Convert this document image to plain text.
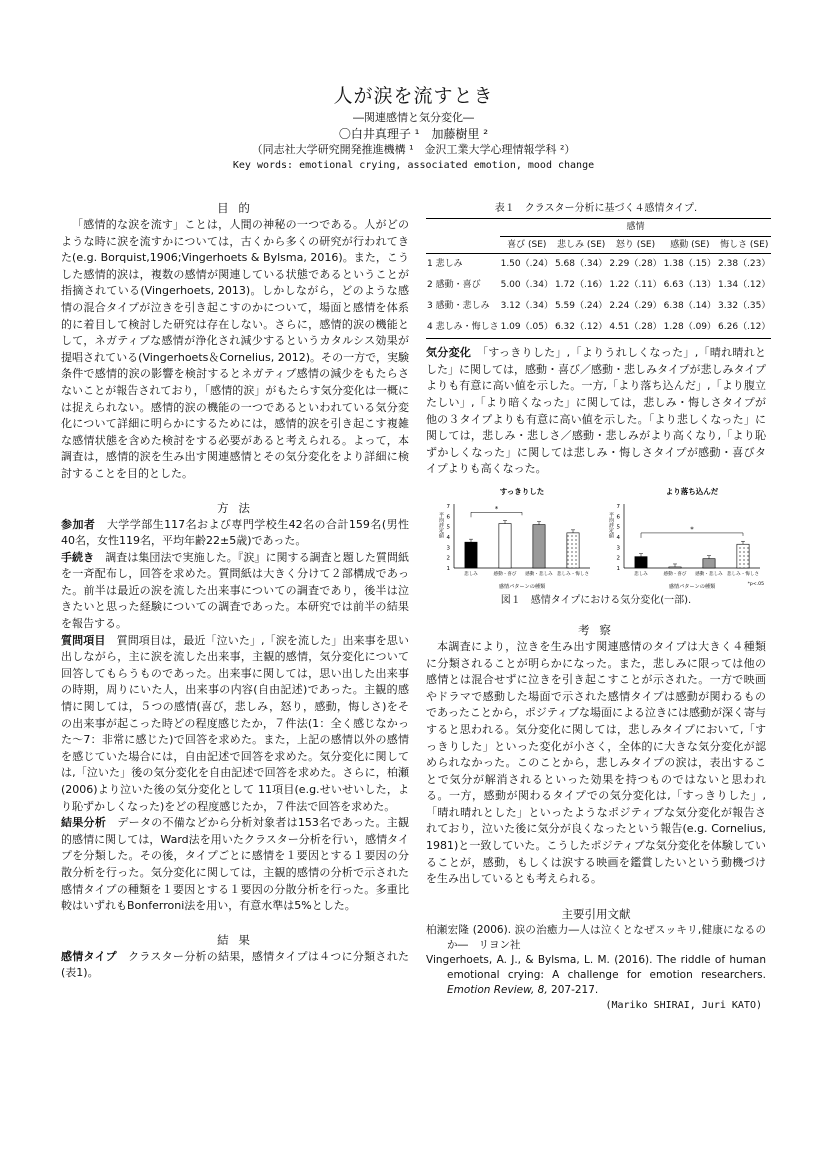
人が涙を流すとき
―関連感情と気分変化―
〇白井真理子 ¹　加藤樹里 ²
（同志社大学研究開発推進機構 ¹　金沢工業大学心理情報学科 ²）
Key words: emotional crying, associated emotion, mood change
目 的

「感情的な涙を流す」ことは，人間の神秘の一つである。人がどのような時に涙を流すかについては，古くから多くの研究が行われてきた(e.g. Borquist,1906;Vingerhoets & Bylsma, 2016)。また，こうした感情的涙は，複数の感情が関連している状態であるということが指摘されている(Vingerhoets, 2013)。しかしながら，どのような感情の混合タイプが泣きを引き起こすのかについて，場面と感情を体系的に着目して検討した研究は存在しない。さらに，感情的涙の機能として，ネガティブな感情が浄化され減少するというカタルシス効果が提唱されている(Vingerhoets＆Cornelius, 2012)。その一方で，実験条件で感情的涙の影響を検討するとネガティブ感情の減少をもたらさないことが報告されており，「感情的涙」がもたらす気分変化は一概には捉えられない。感情的涙の機能の一つであるといわれている気分変化について詳細に明らかにするためには，感情的涙を引き起こす複雑な感情状態を含めた検討をする必要があると考えられる。よって，本調査は，感情的涙を生み出す関連感情とその気分変化をより詳細に検討することを目的とした。

方 法

参加者　 大学学部生117名および専門学校生42名の合計159名(男性40名，女性119名，平均年齢22±5歳)であった。

手続き　 調査は集団法で実施した。『涙』に関する調査と題した質問紙を一斉配布し，回答を求めた。質問紙は大きく分けて２部構成であった。前半は最近の涙を流した出来事についての調査であり，後半は泣きたいと思った経験についての調査であった。本研究では前半の結果を報告する。

質問項目　 質問項目は，最近「泣いた」,「涙を流した」出来事を思い出しながら，主に涙を流した出来事，主観的感情，気分変化について回答してもらうものであった。出来事に関しては，思い出した出来事の時期，周りにいた人，出来事の内容(自由記述)であった。主観的感情に関しては，５つの感情(喜び，悲しみ，怒り，感動，悔しさ)をその出来事が起こった時どの程度感じたか，７件法(1：全く感じなかった～7：非常に感じた)で回答を求めた。また，上記の感情以外の感情を感じていた場合には，自由記述で回答を求めた。気分変化に関しては,「泣いた」後の気分変化を自由記述で回答を求めた。さらに，柏瀬(2006)より泣いた後の気分変化として 11項目(e.g.せいせいした，より恥ずかしくなった)をどの程度感じたか，７件法で回答を求めた。

結果分析　 データの不備などから分析対象者は153名であった。主観的感情に関しては，Ward法を用いたクラスター分析を行い，感情タイプを分類した。その後，タイプごとに感情を１要因とする１要因の分散分析を行った。気分変化に関しては，主観的感情の分析で示された感情タイプの種類を１要因とする１要因の分散分析を行った。多重比較はいずれもBonferroni法を用い，有意水準は5%とした。

結 果

感情タイプ　 クラスター分析の結果，感情タイプは４つに分類された(表1)。

表１　クラスター分析に基づく４感情タイプ.
	感情				
	喜び (SE)	悲しみ (SE)	怒り (SE)	感動 (SE)	悔しさ (SE)
1 悲しみ	1.50（.24）	5.68（.34）	2.29（.28）	1.38（.15）	2.38（.23）
2 感動・喜び	5.00（.34）	1.72（.16）	1.22（.11）	6.63（.13）	1.34（.12）
3 感動・悲しみ	3.12（.34）	5.59（.24）	2.24（.29）	6.38（.14）	3.32（.35）
4 悲しみ・悔しさ	1.09（.05）	6.32（.12）	4.51（.28）	1.28（.09）	6.26（.12）

気分変化　 「すっきりした」,「よりうれしくなった」,「晴れ晴れとした」に関しては，感動・喜び／感動・悲しみタイプが悲しみタイプよりも有意に高い値を示した。一方,「より落ち込んだ」,「より腹立たしい」,「より暗くなった」に関しては，悲しみ・悔しさタイプが他の３タイプよりも有意に高い値を示した。「より悲しくなった」に関しては，悲しみ・悲しさ／感動・悲しみがより高くなり,「より恥ずかしくなった」に関しては悲しみ・悔しさタイプが感動・喜びタイプよりも高くなった。

すっきりした
1
2
3
4
5
6
7
平均評定値
悲しみ	感動・喜び 感動・悲しみ 悲しみ・悔しさ
*
感情パターンの種類
より落ち込んだ
1
2
3
4
5
6
7
平均評定値
悲しみ	感動・喜び 感動・悲しみ 悲しみ・悔しさ
*
感情パターンの種類	*p<.05
図１　感情タイプにおける気分変化(一部).
考 察

本調査により，泣きを生み出す関連感情のタイプは大きく４種類に分類されることが明らかになった。また，悲しみに限っては他の感情とは混合せずに泣きを引き起こすことが示された。一方で映画やドラマで感動した場面で示された感情タイプは感動が関わるものであったことから，ポジティブな場面による泣きには感動が深く寄与すると思われる。気分変化に関しては，悲しみタイプにおいて,「すっきりした」といった変化が小さく，全体的に大きな気分変化が認められなかった。このことから，悲しみタイプの涙は，表出することで気分が解消されるといった効果を持つものではないと思われる。一方，感動が関わるタイプでの気分変化は,「すっきりした」,「晴れ晴れとした」といったようなポジティブな気分変化が報告されており，泣いた後に気分が良くなったという報告(e.g. Cornelius, 1981)と一致していた。こうしたポジティブな気分変化を体験していることが，感動，もしくは涙する映画を鑑賞したいという動機づけを生み出しているとも考えられる。

主要引用文献

柏瀬宏隆 (2006). 涙の治癒力―人は泣くとなぜスッキリ,健康になるのか―　リヨン社

Vingerhoets, A. J., & Bylsma, L. M. (2016). The riddle of human emotional crying: A challenge for emotion researchers. Emotion Review, 8, 207-217.

(Mariko SHIRAI, Juri KATO)
